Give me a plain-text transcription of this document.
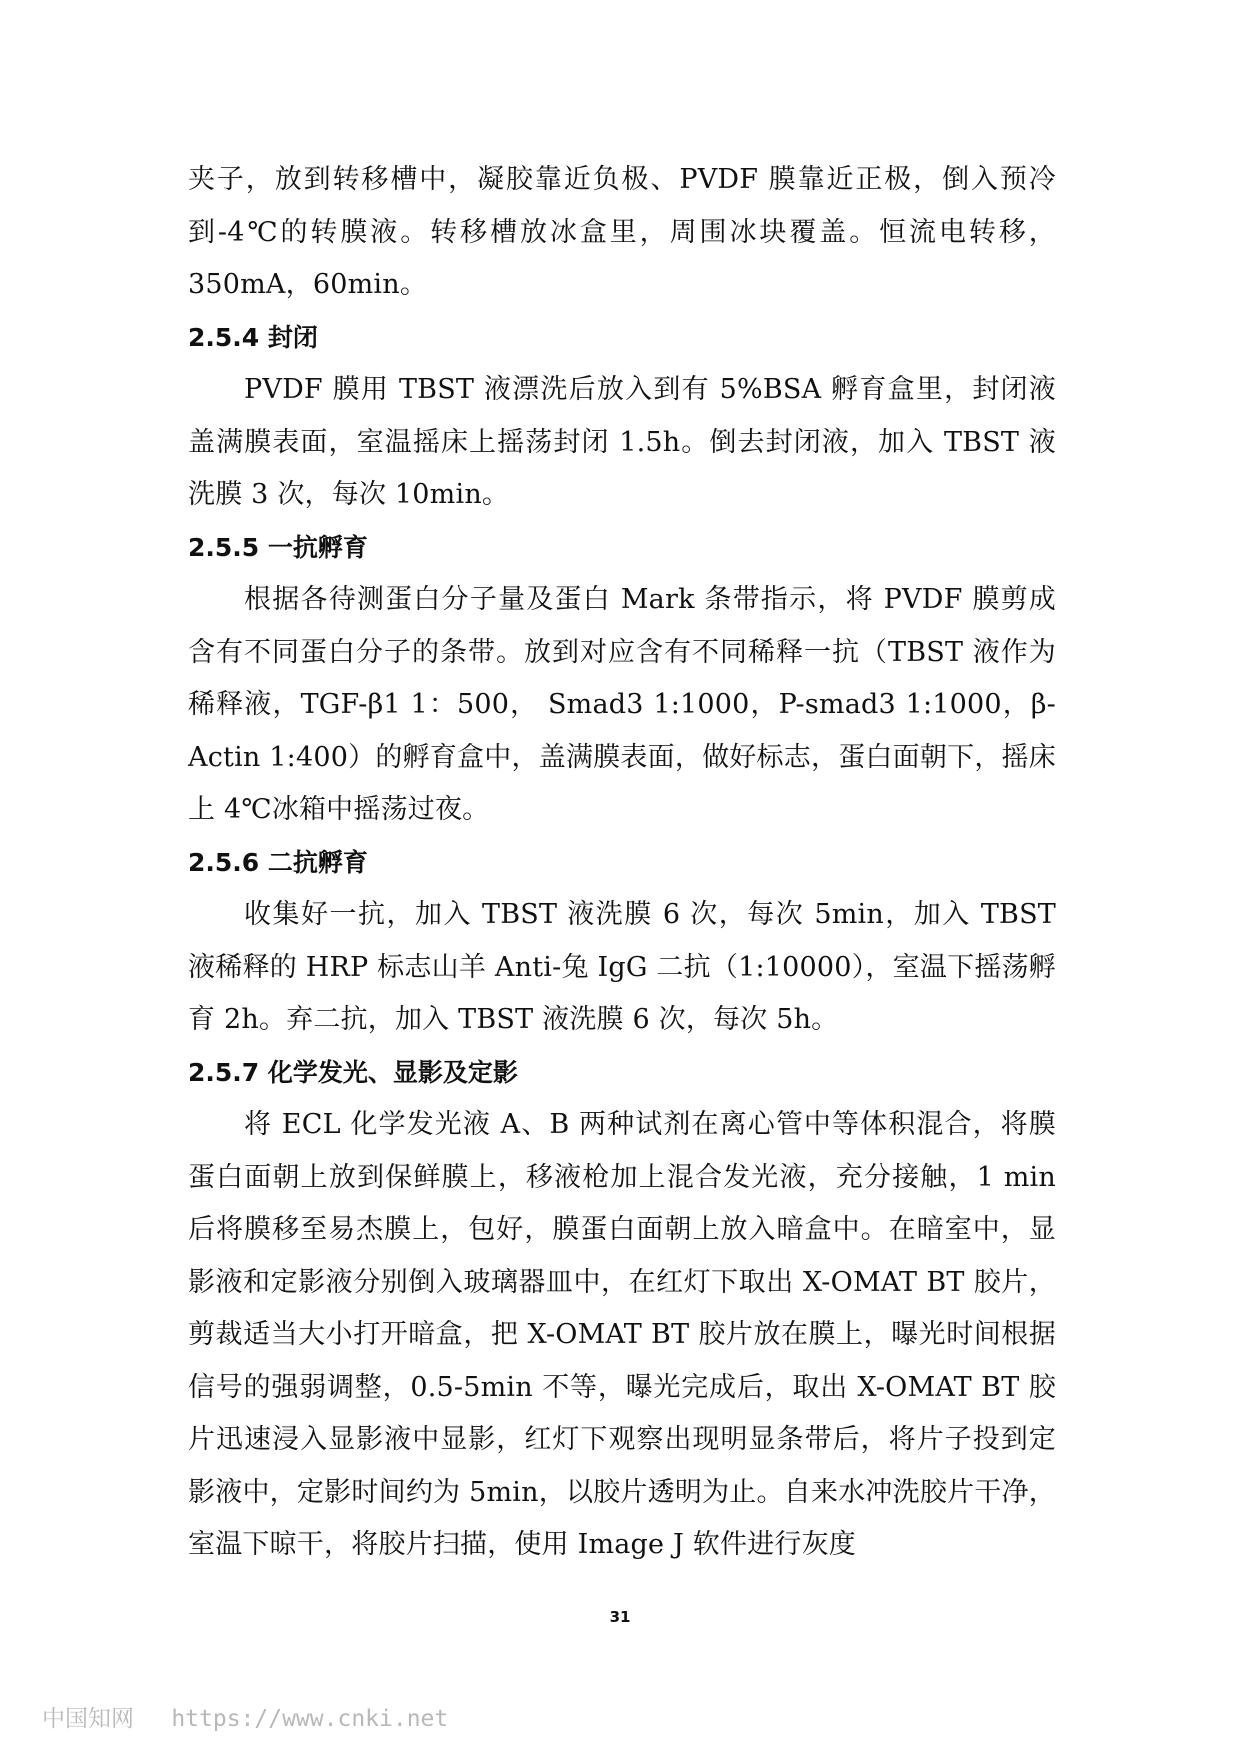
夹子，放到转移槽中，凝胶靠近负极、PVDF 膜靠近正极，倒入预冷到-4℃的转膜液。转移槽放冰盒里，周围冰块覆盖。恒流电转移，350mA，60min。

2.5.4 封闭

PVDF 膜用 TBST 液漂洗后放入到有 5%BSA 孵育盒里，封闭液盖满膜表面，室温摇床上摇荡封闭 1.5h。倒去封闭液，加入 TBST 液洗膜 3 次，每次 10min。

2.5.5 一抗孵育

根据各待测蛋白分子量及蛋白 Mark 条带指示，将 PVDF 膜剪成含有不同蛋白分子的条带。放到对应含有不同稀释一抗（TBST 液作为稀释液，TGF-β1 1：500， Smad3 1:1000，P-smad3 1:1000，β-Actin 1:400）的孵育盒中，盖满膜表面，做好标志，蛋白面朝下，摇床上 4℃冰箱中摇荡过夜。

2.5.6 二抗孵育

收集好一抗，加入 TBST 液洗膜 6 次，每次 5min，加入 TBST 液稀释的 HRP 标志山羊 Anti-兔 IgG 二抗（1:10000），室温下摇荡孵育 2h。弃二抗，加入 TBST 液洗膜 6 次，每次 5h。

2.5.7 化学发光、显影及定影

将 ECL 化学发光液 A、B 两种试剂在离心管中等体积混合，将膜蛋白面朝上放到保鲜膜上，移液枪加上混合发光液，充分接触，1 min 后将膜移至易杰膜上，包好，膜蛋白面朝上放入暗盒中。在暗室中，显影液和定影液分别倒入玻璃器皿中，在红灯下取出 X-OMAT BT 胶片，剪裁适当大小打开暗盒，把 X-OMAT BT 胶片放在膜上，曝光时间根据信号的强弱调整，0.5-5min 不等，曝光完成后，取出 X-OMAT BT 胶片迅速浸入显影液中显影，红灯下观察出现明显条带后，将片子投到定影液中，定影时间约为 5min，以胶片透明为止。自来水冲洗胶片干净，室温下晾干，将胶片扫描，使用 Image J 软件进行灰度

31
中国知网 https://www.cnki.net
